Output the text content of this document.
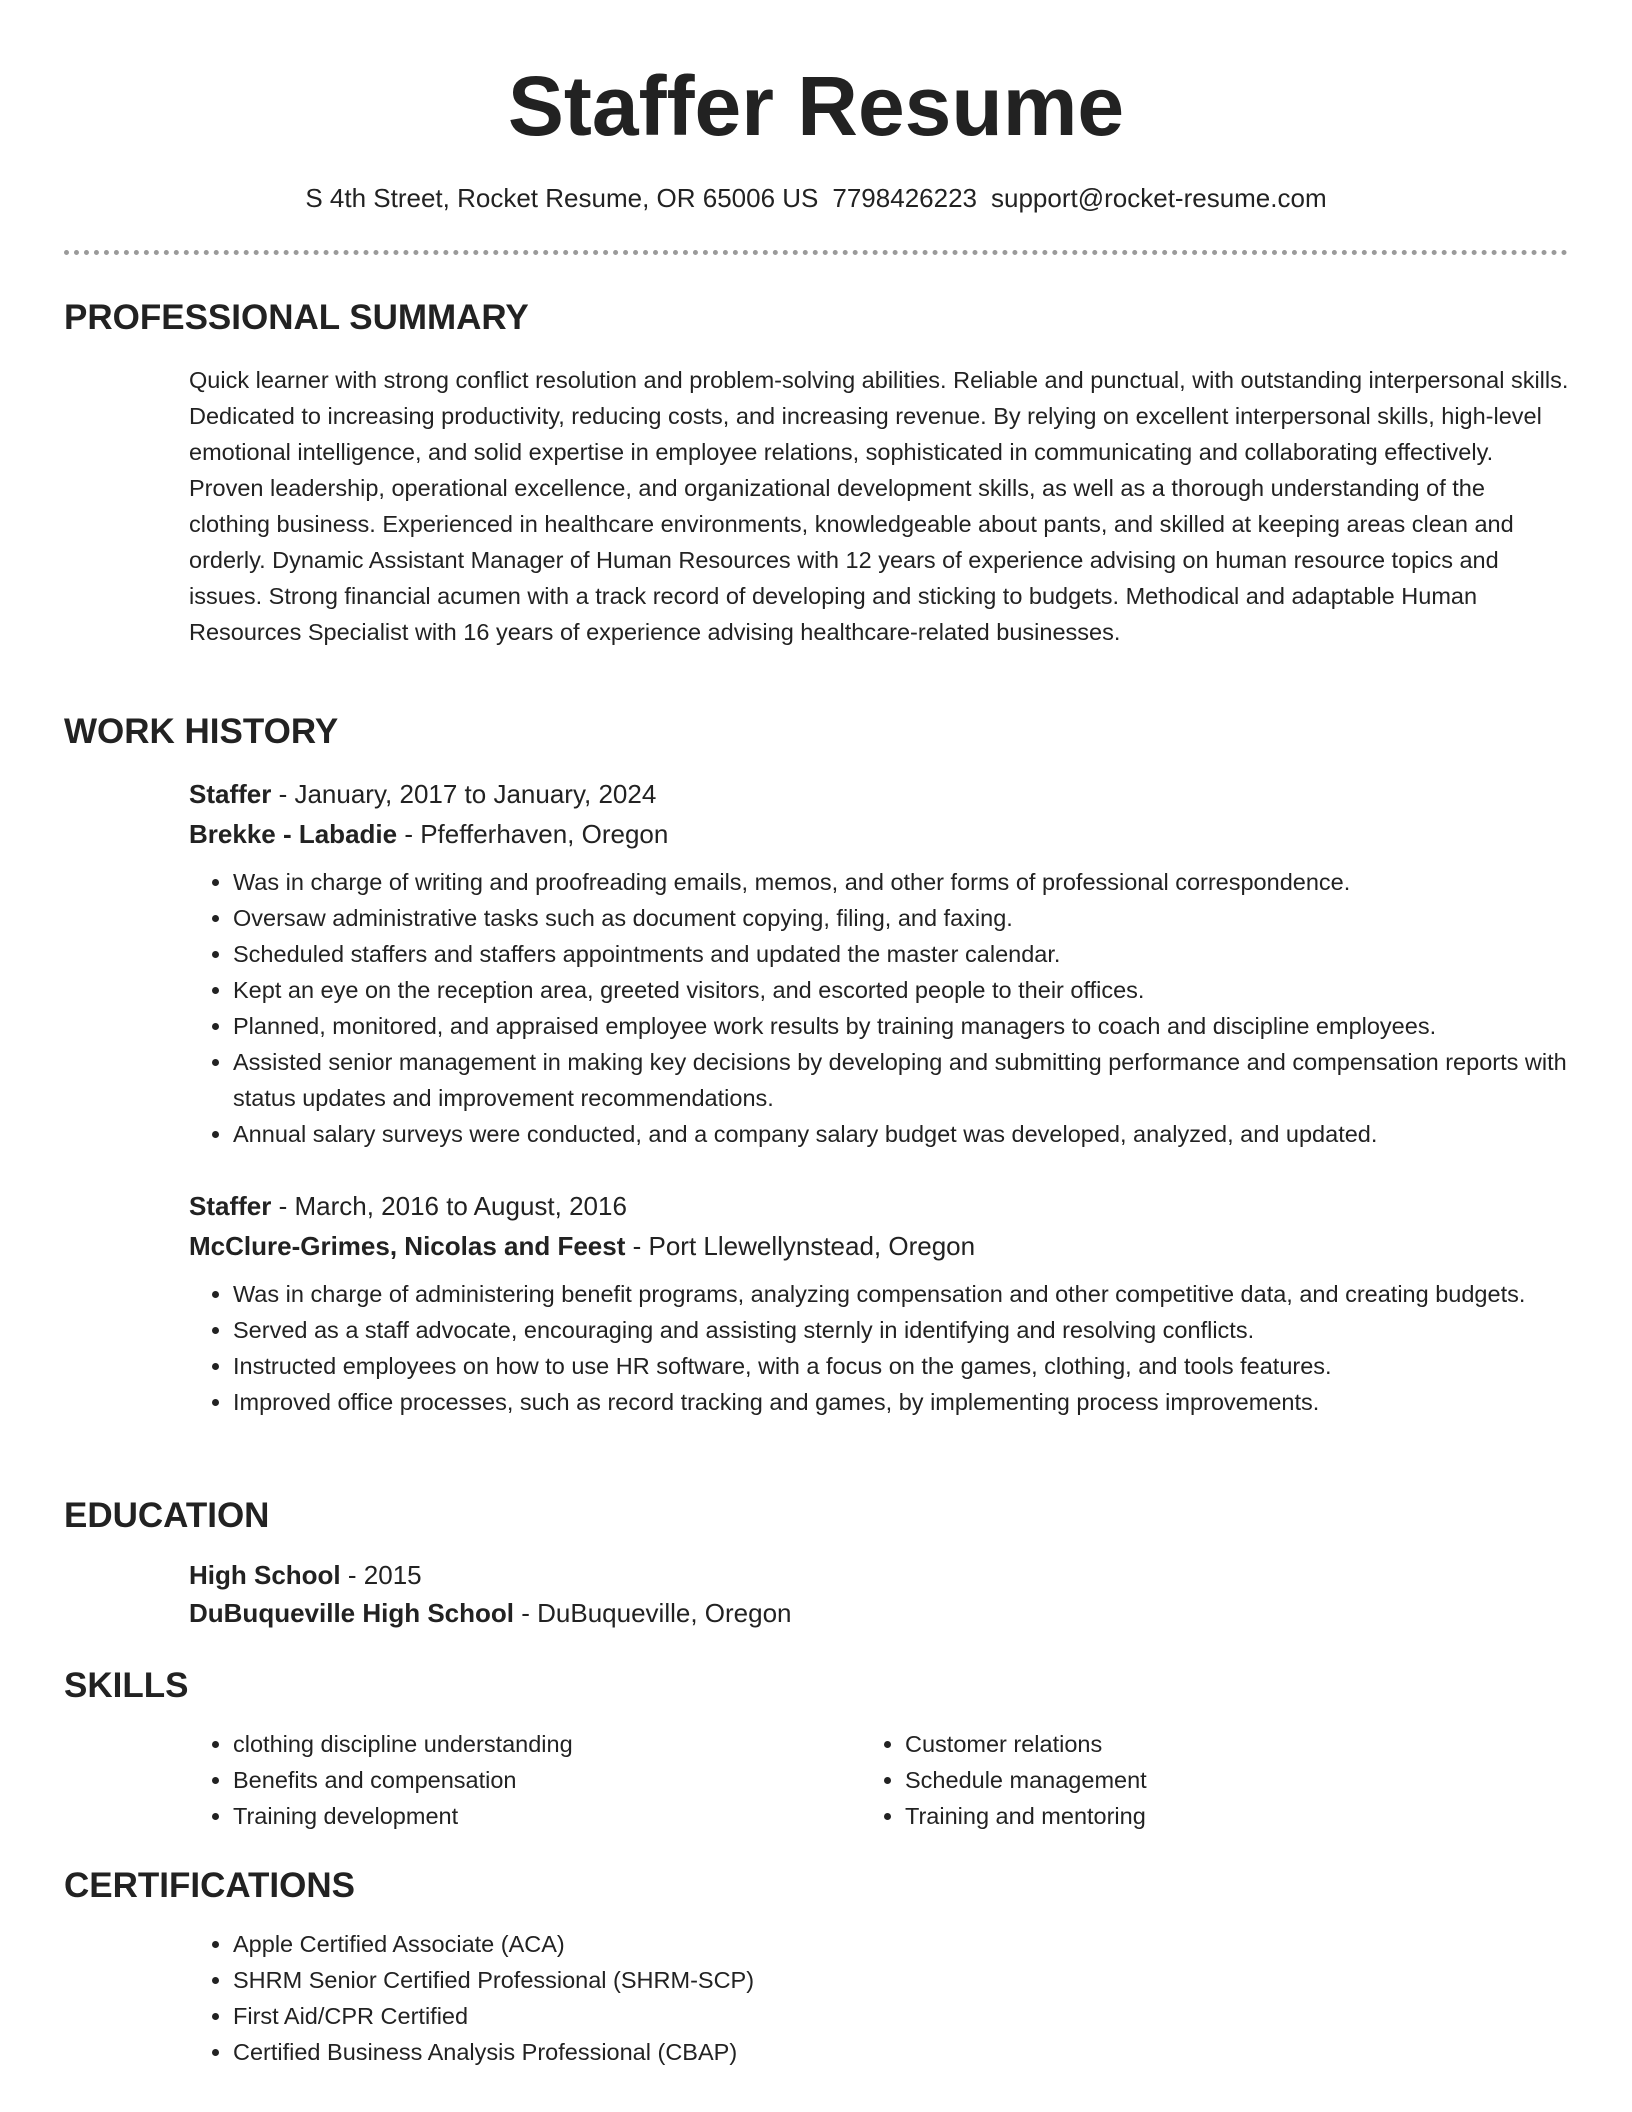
Staffer Resume
S 4th Street, Rocket Resume, OR 65006 US 7798426223 support@rocket-resume.com
PROFESSIONAL SUMMARY

Quick learner with strong conflict resolution and problem-solving abilities. Reliable and punctual, with outstanding interpersonal skills. Dedicated to increasing productivity, reducing costs, and increasing revenue. By relying on excellent interpersonal skills, high-level emotional intelligence, and solid expertise in employee relations, sophisticated in communicating and collaborating effectively. Proven leadership, operational excellence, and organizational development skills, as well as a thorough understanding of the clothing business. Experienced in healthcare environments, knowledgeable about pants, and skilled at keeping areas clean and orderly. Dynamic Assistant Manager of Human Resources with 12 years of experience advising on human resource topics and issues. Strong financial acumen with a track record of developing and sticking to budgets. Methodical and adaptable Human Resources Specialist with 16 years of experience advising healthcare-related businesses.

WORK HISTORY

Staffer - January, 2017 to January, 2024

Brekke - Labadie - Pfefferhaven, Oregon

• Was in charge of writing and proofreading emails, memos, and other forms of professional correspondence.
• Oversaw administrative tasks such as document copying, filing, and faxing.
• Scheduled staffers and staffers appointments and updated the master calendar.
• Kept an eye on the reception area, greeted visitors, and escorted people to their offices.
• Planned, monitored, and appraised employee work results by training managers to coach and discipline employees.
• Assisted senior management in making key decisions by developing and submitting performance and compensation reports with status updates and improvement recommendations.
• Annual salary surveys were conducted, and a company salary budget was developed, analyzed, and updated.

Staffer - March, 2016 to August, 2016

McClure-Grimes, Nicolas and Feest - Port Llewellynstead, Oregon

• Was in charge of administering benefit programs, analyzing compensation and other competitive data, and creating budgets.
• Served as a staff advocate, encouraging and assisting sternly in identifying and resolving conflicts.
• Instructed employees on how to use HR software, with a focus on the games, clothing, and tools features.
• Improved office processes, such as record tracking and games, by implementing process improvements.
EDUCATION

High School - 2015

DuBuqueville High School - DuBuqueville, Oregon

SKILLS
• clothing discipline understanding
• Benefits and compensation
• Training development
• Customer relations
• Schedule management
• Training and mentoring
CERTIFICATIONS
• Apple Certified Associate (ACA)
• SHRM Senior Certified Professional (SHRM-SCP)
• First Aid/CPR Certified
• Certified Business Analysis Professional (CBAP)
